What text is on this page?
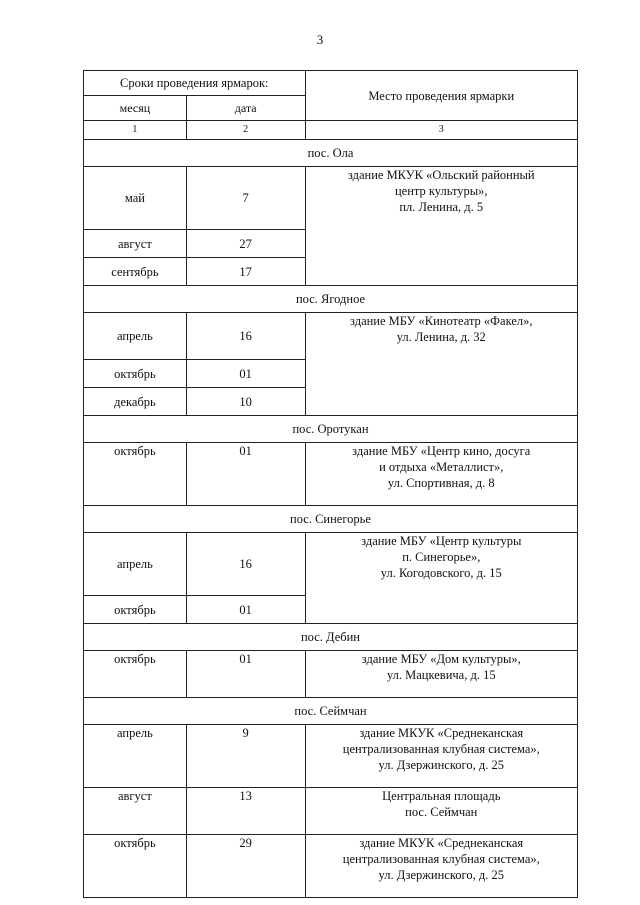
3
Сроки проведения ярмарок:		Место проведения ярмарки
месяц	дата	
1	2	3
пос. Ола		
май	7	здание МКУК «Ольский районный
центр культуры»,
пл. Ленина, д. 5

август	27	
сентябрь	17	
пос. Ягодное		
апрель	16	здание МБУ «Кинотеатр «Факел»,
ул. Ленина, д. 32

октябрь	01	
декабрь	10	
пос. Оротукан		
октябрь	01	здание МБУ «Центр кино, досуга
и отдыха «Металлист»,
ул. Спортивная, д. 8

пос. Синегорье		
апрель	16	здание МБУ «Центр культуры
п. Синегорье»,
ул. Когодовского, д. 15

октябрь	01	
пос. Дебин		
октябрь	01	здание МБУ «Дом культуры»,
ул. Мацкевича, д. 15

пос. Сеймчан		
апрель	9	здание МКУК «Среднеканская
централизованная клубная система»,
ул. Дзержинского, д. 25

август	13	Центральная площадь
пос. Сеймчан

октябрь	29	здание МКУК «Среднеканская
централизованная клубная система»,
ул. Дзержинского, д. 25
